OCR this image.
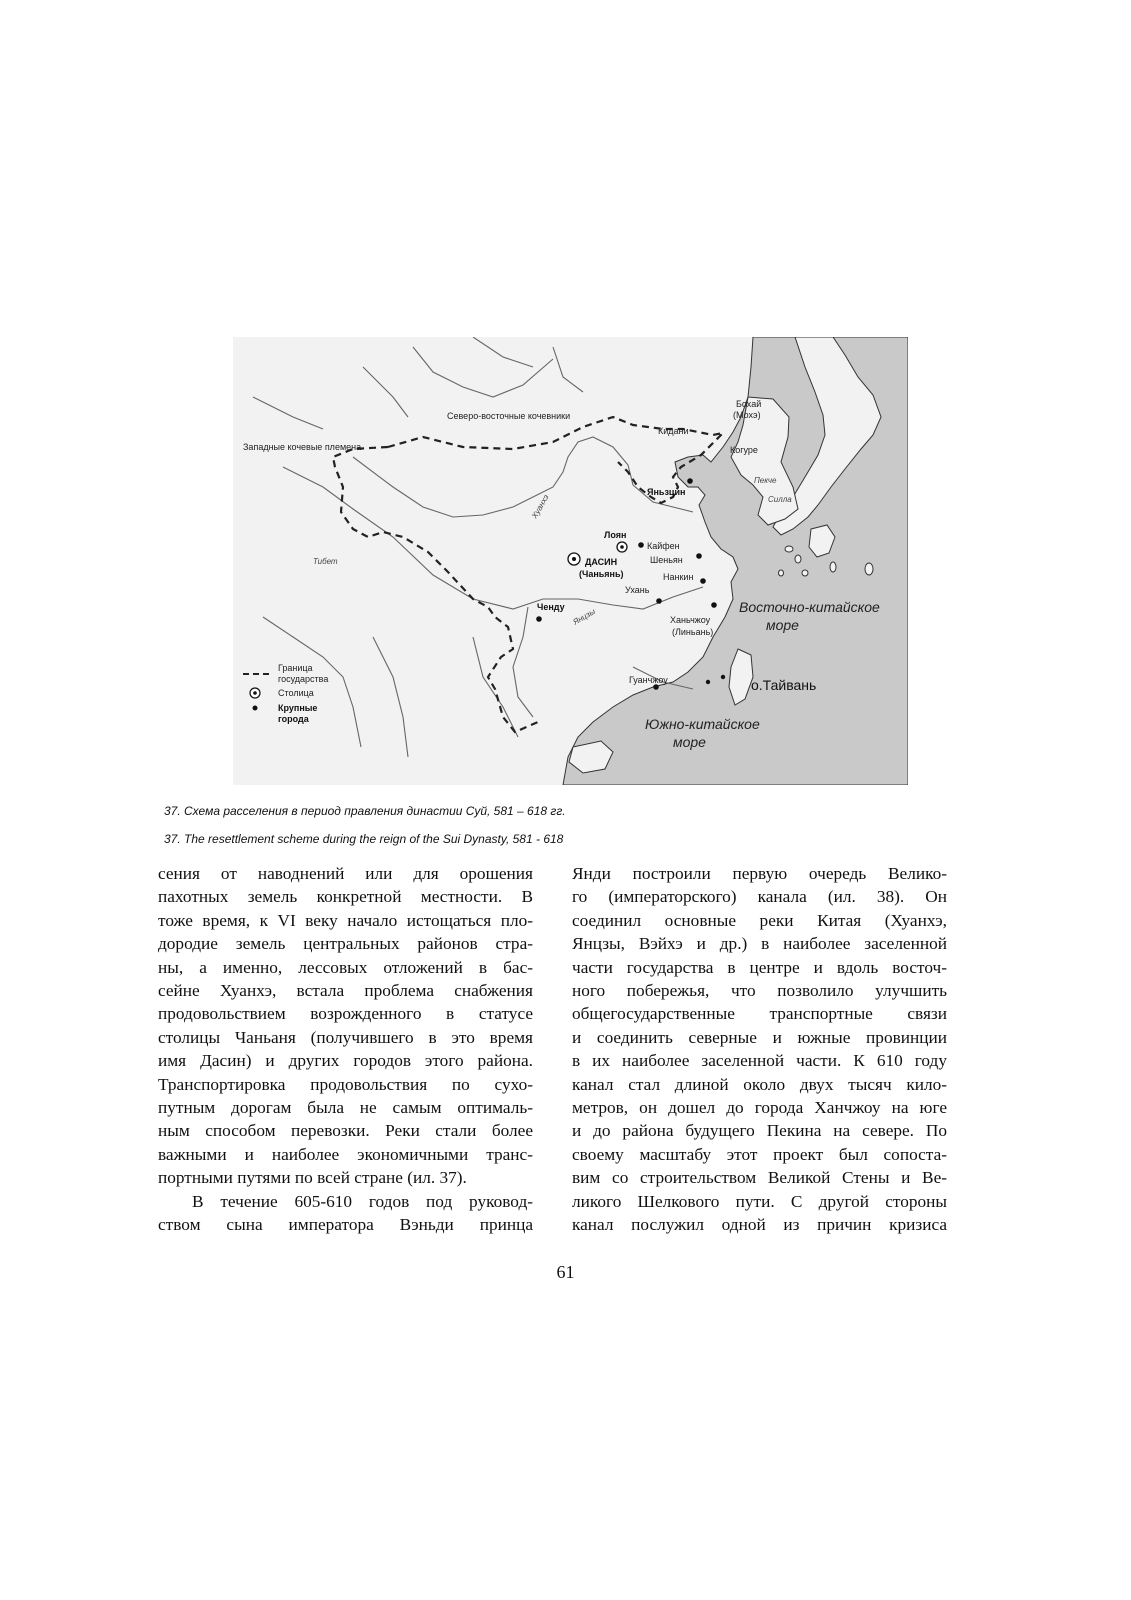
Северо-восточные кочевники
Западные кочевые племена
Тибет
Бохай
(Мохэ)
Кидани
Когуре
Пекче
Силла
Яньзцин
Лоян
Кайфен
Шеньян
ДАСИН
(Чаньянь)	Нанкин
Ухань
Ченду
Ханьчжоу
(Линьань)
Гуанчжоу
Восточно-китайское
море
Южно-китайское
море
о.Тайвань
Хуанхэ
Янцзы
Граница
государства
Столица
Крупные
города
37. Схема расселения в период правления династии Суй, 581 – 618 гг.
37. The resettlement scheme during the reign of the Sui Dynasty, 581 - 618
сения от наводнений или для орошения
пахотных земель конкретной местности. В
тоже время, к VI веку начало истощаться пло-
дородие земель центральных районов стра-
ны, а именно, лессовых отложений в бас-
сейне Хуанхэ, встала проблема снабжения
продовольствием возрожденного в статусе
столицы Чаньаня (получившего в это время
имя Дасин) и других городов этого района.
Транспортировка продовольствия по сухо-
путным дорогам была не самым оптималь-
ным способом перевозки. Реки стали более
важными и наиболее экономичными транс-
портными путями по всей стране (ил. 37).
В течение 605-610 годов под руковод-
ством сына императора Вэньди принца
Янди построили первую очередь Велико-
го (императорского) канала (ил. 38). Он
соединил основные реки Китая (Хуанхэ,
Янцзы, Вэйхэ и др.) в наиболее заселенной
части государства в центре и вдоль восточ-
ного побережья, что позволило улучшить
общегосударственные транспортные связи
и соединить северные и южные провинции
в их наиболее заселенной части. К 610 году
канал стал длиной около двух тысяч кило-
метров, он дошел до города Ханчжоу на юге
и до района будущего Пекина на севере. По
своему масштабу этот проект был сопоста-
вим со строительством Великой Стены и Ве-
ликого Шелкового пути. С другой стороны
канал послужил одной из причин кризиса
61
